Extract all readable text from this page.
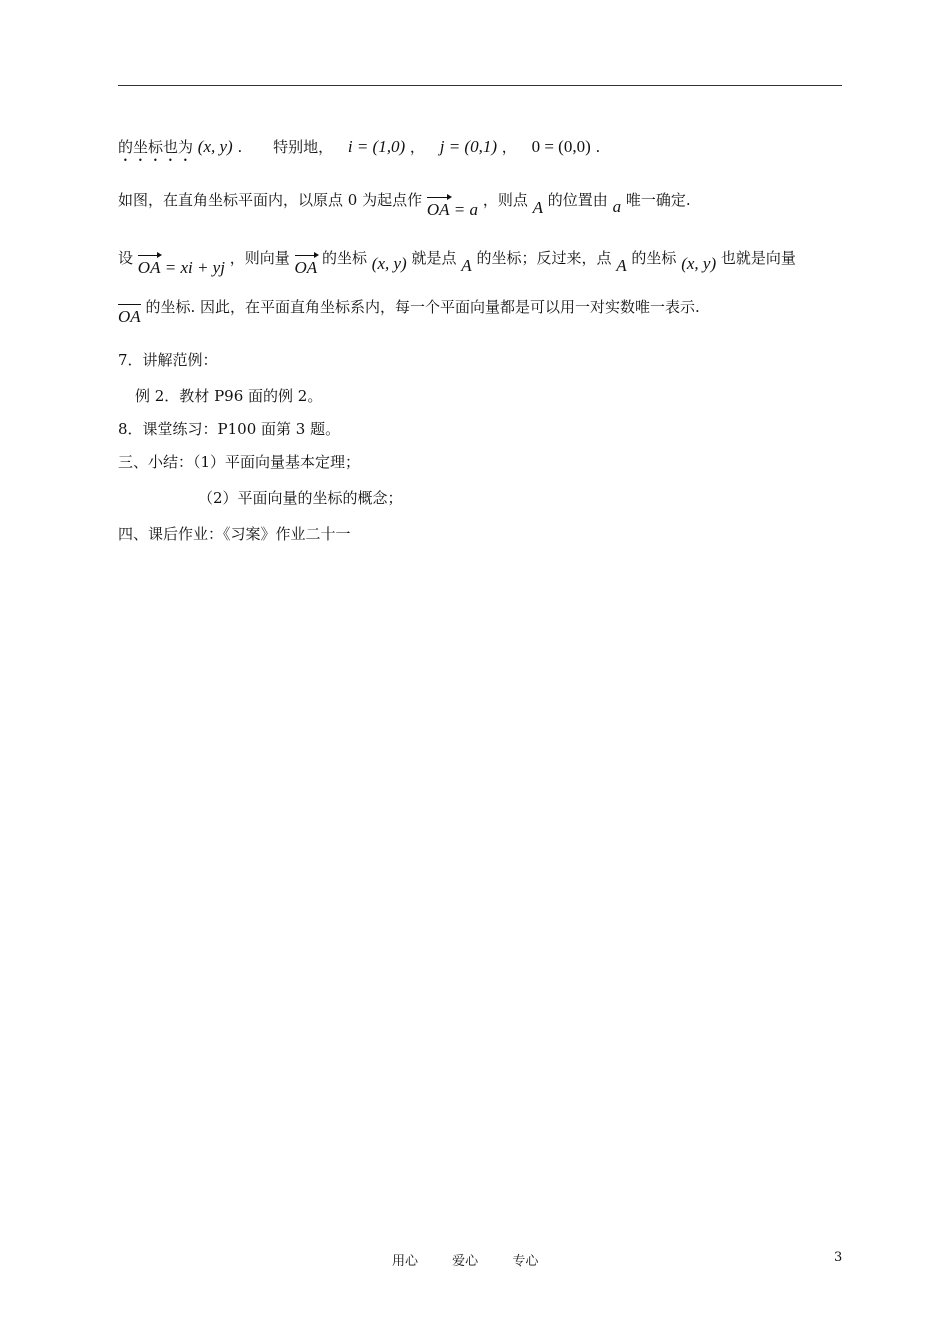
的坐标也为 (x, y) . 特别地， i = (1,0) ， j = (0,1) ， 0 = (0,0) .
如图，在直角坐标平面内，以原点 0 为起点作 OA = a ，则点 A 的位置由 a 唯一确定.
设 OA = xi + yj ，则向量 OA 的坐标 (x, y) 就是点 A 的坐标；反过来，点 A 的坐标 (x, y) 也就是向量
OA 的坐标. 因此，在平面直角坐标系内，每一个平面向量都是可以用一对实数唯一表示.
7．讲解范例：
例 2．教材 P96 面的例 2。
8．课堂练习：P100 面第 3 题。
三、小结：（1）平面向量基本定理；
（2）平面向量的坐标的概念；
四、课后作业：《习案》作业二十一
用心	爱心	专心	3
